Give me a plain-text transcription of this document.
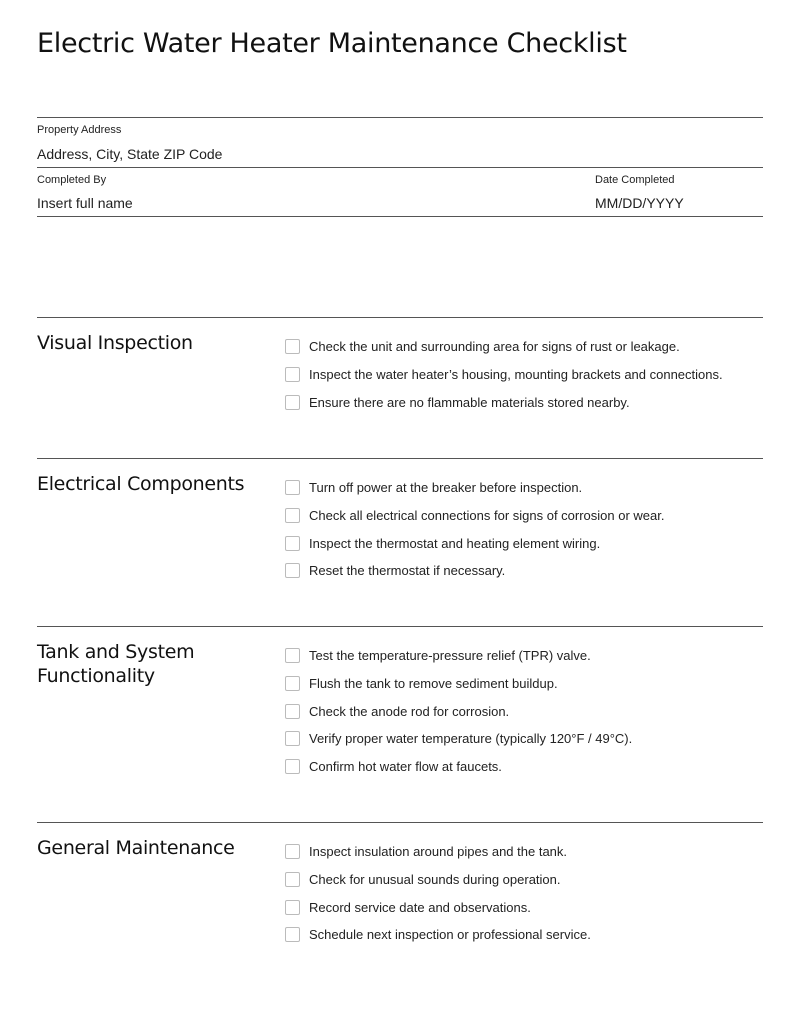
Electric Water Heater Maintenance Checklist
Property Address
Address, City, State ZIP Code
Completed By
Insert full name
Date Completed
MM/DD/YYYY
Visual Inspection	Check the unit and surrounding area for signs of rust or leakage.
Inspect the water heater’s housing, mounting brackets and connections.
Ensure there are no flammable materials stored nearby.
Electrical Components	Turn off power at the breaker before inspection.
Check all electrical connections for signs of corrosion or wear.
Inspect the thermostat and heating element wiring.
Reset the thermostat if necessary.
Tank and System Functionality
Test the temperature-pressure relief (TPR) valve.
Flush the tank to remove sediment buildup.
Check the anode rod for corrosion.
Verify proper water temperature (typically 120°F / 49°C).
Confirm hot water flow at faucets.
General Maintenance	Inspect insulation around pipes and the tank.
Check for unusual sounds during operation.
Record service date and observations.
Schedule next inspection or professional service.
